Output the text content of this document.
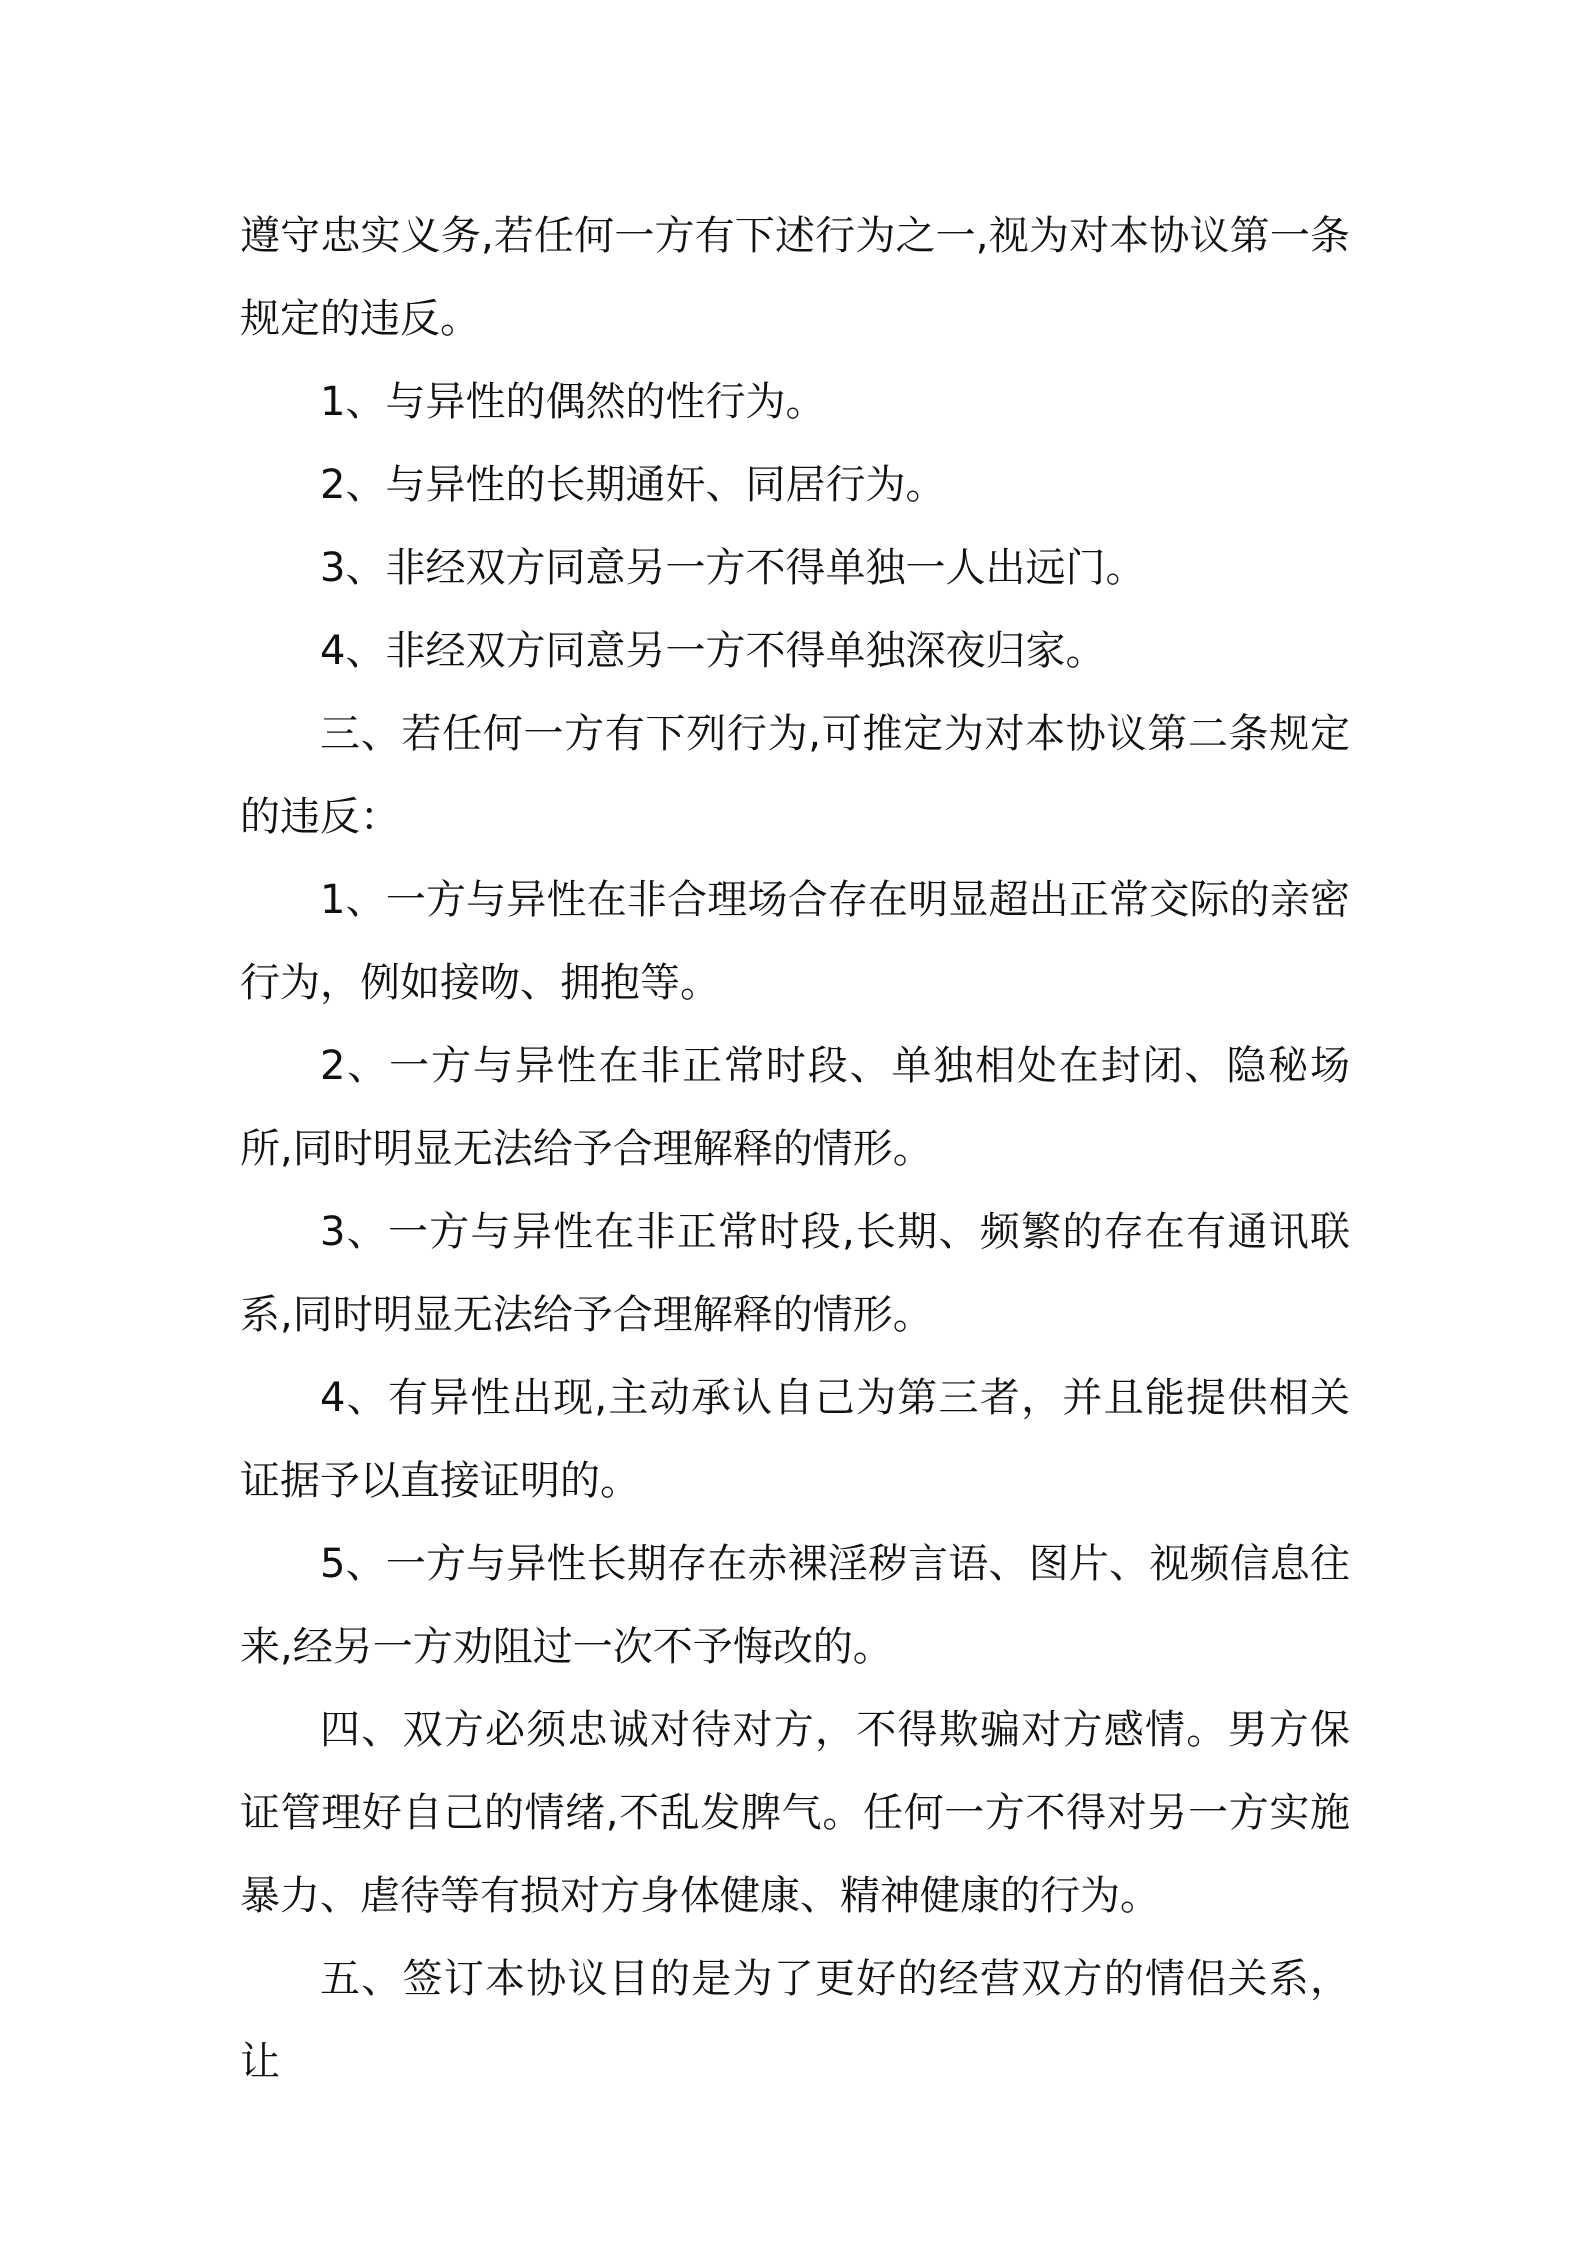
遵守忠实义务,若任何一方有下述行为之一,视为对本协议第一条规定的违反。

1、与异性的偶然的性行为。

2、与异性的长期通奸、同居行为。

3、非经双方同意另一方不得单独一人出远门。

4、非经双方同意另一方不得单独深夜归家。

三、若任何一方有下列行为,可推定为对本协议第二条规定的违反：

1、一方与异性在非合理场合存在明显超出正常交际的亲密行为，例如接吻、拥抱等。

2、一方与异性在非正常时段、单独相处在封闭、隐秘场所,同时明显无法给予合理解释的情形。

3、一方与异性在非正常时段,长期、频繁的存在有通讯联系,同时明显无法给予合理解释的情形。

4、有异性出现,主动承认自己为第三者，并且能提供相关证据予以直接证明的。

5、一方与异性长期存在赤裸淫秽言语、图片、视频信息往来,经另一方劝阻过一次不予悔改的。

四、双方必须忠诚对待对方，不得欺骗对方感情。男方保证管理好自己的情绪,不乱发脾气。任何一方不得对另一方实施暴力、虐待等有损对方身体健康、精神健康的行为。

五、签订本协议目的是为了更好的经营双方的情侣关系，让
